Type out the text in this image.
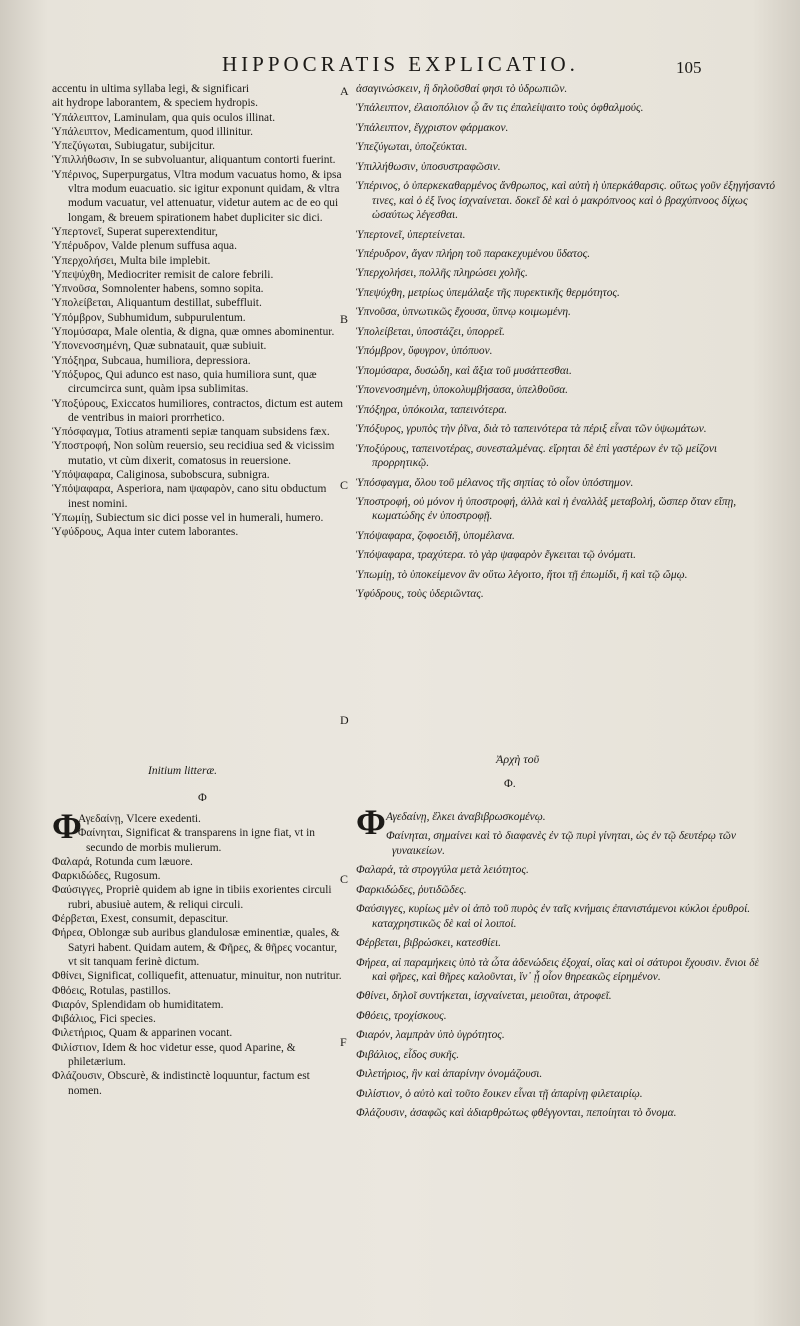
HIPPOCRATIS EXPLICATIO.	105

accentu in ultima syllaba legi, & significari

ait hydrope laborantem, & speciem hydropis.

Ὑπάλειπτον, Laminulam, qua quis oculos illinat.

Ὑπάλειπτον, Medicamentum, quod illinitur.

Ὑπεζύγωται, Subiugatur, subijcitur.

Ὑπιλλήθωσιν, In se subvoluantur, aliquantum contorti fuerint.

Ὑπέρινος, Superpurgatus, Vltra modum vacuatus homo, & ipsa vltra modum euacuatio. sic igitur exponunt quidam, & vltra modum vacuatur, vel attenuatur, videtur autem ac de eo qui longam, & breuem spirationem habet dupliciter sic dici.

Ὑπερτονεῖ, Superat superextenditur,

Ὑπέρυδρον, Valde plenum suffusa aqua.

Ὑπερχολήσει, Multa bile implebit.

Ὑπεψύχθη, Mediocriter remisit de calore febrili.

Ὑπνοῦσα, Somnolenter habens, somno sopita.

Ὑπολείβεται, Aliquantum destillat, subeffluit.

Ὑπόμβρον, Subhumidum, subpurulentum.

Ὑπομύσαρα, Male olentia, & digna, quæ omnes abominentur.

Ὑπονενοσημένη, Quæ subnatauit, quæ subiuit.

Ὑπόξηρα, Subcaua, humiliora, depressiora.

Ὑπόξυρος, Qui adunco est naso, quia humiliora sunt, quæ circumcirca sunt, quàm ipsa sublimitas.

Ὑποξύρους, Exiccatos humiliores, contractos, dictum est autem de ventribus in maiori prorrhetico.

Ὑπόσφαγμα, Totius atramenti sepiæ tanquam subsidens fæx.

Ὑποστροφή, Non solùm reuersio, seu recidiua sed & vicissim mutatio, vt cùm dixerit, comatosus in reuersione.

Ὑπόψαφαρα, Caliginosa, subobscura, subnigra.

Ὑπόψαφαρα, Asperiora, nam ψαφαρὸν, cano situ obductum inest nomini.

Ὑπωμίῃ, Subiectum sic dici posse vel in humerali, humero.

Ὑφύδρους, Aqua inter cutem laborantes.

Initium litteræ.
Φ
Φ

Αγεδαίνῃ, Vlcere exedenti.

Φαίνηται, Significat & transparens in igne fiat, vt in secundo de morbis mulierum.

Φαλαρά, Rotunda cum læuore.

Φαρκιδώδες, Rugosum.

Φαύσιγγες, Propriè quidem ab igne in tibiis exorientes circuli rubri, abusiuè autem, & reliqui circuli.

Φέρβεται, Exest, consumit, depascitur.

Φήρεα, Oblongæ sub auribus glandulosæ eminentiæ, quales, & Satyri habent. Quidam autem, & Φῆρες, & θῆρες vocantur, vt sit tanquam ferinè dictum.

Φθίνει, Significat, colliquefit, attenuatur, minuitur, non nutritur.

Φθόεις, Rotulas, pastillos.

Φιαρόν, Splendidam ob humiditatem.

Φιβάλιος, Fici species.

Φιλετήριος, Quam & apparinen vocant.

Φιλίστιον, Idem & hoc videtur esse, quod Aparine, & philetærium.

Φλάζουσιν, Obscurè, & indistinctè loquuntur, factum est nomen.

ἀσαγινώσκειν, ἢ δηλοῦσθαί φησι τὸ ὑδρωπιῶν.

Ὑπάλειπτον, ἐλαιοπόλιον ᾧ ἄν τις ἐπαλείψαιτο τοὺς ὀφθαλμούς.

Ὑπάλειπτον, ἔγχριστον φάρμακον.

Ὑπεζύγωται, ὑποζεύκται.

Ὑπιλλήθωσιν, ὑποσυστραφῶσιν.

Ὑπέρινος, ὁ ὑπερκεκαθαρμένος ἄνθρωπος, καὶ αὐτὴ ἡ ὑπερκάθαρσις. οὕτως γοῦν ἐξηγήσαντό τινες, καὶ ὁ ἐξ ἴνος ἰσχναίνεται. δοκεῖ δὲ καὶ ὁ μακρόπνοος καὶ ὁ βραχύπνοος δίχως ὡσαύτως λέγεσθαι.

Ὑπερτονεῖ, ὑπερτείνεται.

Ὑπέρυδρον, ἄγαν πλήρη τοῦ παρακεχυμένου ὕδατος.

Ὑπερχολήσει, πολλῆς πληρώσει χολῆς.

Ὑπεψύχθη, μετρίως ὑπεμάλαξε τῆς πυρεκτικῆς θερμότητος.

Ὑπνοῦσα, ὑπνωτικῶς ἔχουσα, ὕπνῳ κοιμωμένη.

Ὑπολείβεται, ὑποστάζει, ὑπορρεῖ.

Ὑπόμβρον, ὕφυγρον, ὑπόπυον.

Ὑπομύσαρα, δυσώδη, καὶ ἄξια τοῦ μυσάττεσθαι.

Ὑπονενοσημένη, ὑποκολυμβήσασα, ὑπελθοῦσα.

Ὑπόξηρα, ὑπόκοιλα, ταπεινότερα.

Ὑπόξυρος, γρυπὸς τὴν ῥῖνα, διὰ τὸ ταπεινότερα τὰ πέριξ εἶναι τῶν ὑψωμάτων.

Ὑποξύρους, ταπεινοτέρας, συνεσταλμένας. εἴρηται δὲ ἐπὶ γαστέρων ἐν τῷ μείζονι προρρητικῷ.

Ὑπόσφαγμα, ὅλου τοῦ μέλανος τῆς σηπίας τὸ οἷον ὑπόστημον.

Ὑποστροφή, οὐ μόνον ἡ ὑποστροφή, ἀλλὰ καὶ ἡ ἐναλλὰξ μεταβολή, ὥσπερ ὅταν εἴπῃ, κωματώδης ἐν ὑποστροφῇ.

Ὑπόψαφαρα, ζοφοειδῆ, ὑπομέλανα.

Ὑπόψαφαρα, τραχύτερα. τὸ γὰρ ψαφαρὸν ἔγκειται τῷ ὀνόματι.

Ὑπωμίῃ, τὸ ὑποκείμενον ἂν οὕτω λέγοιτο, ἤτοι τῇ ἐπωμίδι, ἢ καὶ τῷ ὤμῳ.

Ὑφύδρους, τοὺς ὑδεριῶντας.

Ἀρχὴ τοῦ
Φ.
Φ Αγεδαίνῃ, ἕλκει ἀναβιβρωσκομένῳ.

Φαίνηται, σημαίνει καὶ τὸ διαφανὲς ἐν τῷ πυρὶ γίνηται, ὡς ἐν τῷ δευτέρῳ τῶν γυναικείων.

Φαλαρά, τὰ στρογγύλα μετὰ λειότητος.

Φαρκιδώδες, ῥυτιδῶδες.

Φαύσιγγες, κυρίως μὲν οἱ ἀπὸ τοῦ πυρὸς ἐν ταῖς κνήμαις ἐπανιστάμενοι κύκλοι ἐρυθροί. καταχρηστικῶς δὲ καὶ οἱ λοιποί.

Φέρβεται, βιβρώσκει, κατεσθίει.

Φήρεα, αἱ παραμήκεις ὑπὸ τὰ ὦτα ἀδενώδεις ἐξοχαί, οἵας καὶ οἱ σάτυροι ἔχουσιν. ἔνιοι δὲ καὶ φῆρες, καὶ θῆρες καλοῦνται, ἵν᾽ ᾖ οἷον θηρεακῶς εἰρημένον.

Φθίνει, δηλοῖ συντήκεται, ἰσχναίνεται, μειοῦται, ἀτροφεῖ.

Φθόεις, τροχίσκους.

Φιαρόν, λαμπρὰν ὑπὸ ὑγρότητος.

Φιβάλιος, εἶδος συκῆς.

Φιλετήριος, ἣν καὶ ἀπαρίνην ὀνομάζουσι.

Φιλίστιον, ὁ αὐτὸ καὶ τοῦτο ἔοικεν εἶναι τῇ ἀπαρίνῃ φιλεταιρίῳ.

Φλάζουσιν, ἀσαφῶς καὶ ἀδιαρθρώτως φθέγγονται, πεποίηται τὸ ὄνομα.

A
B
C
D
C
F
